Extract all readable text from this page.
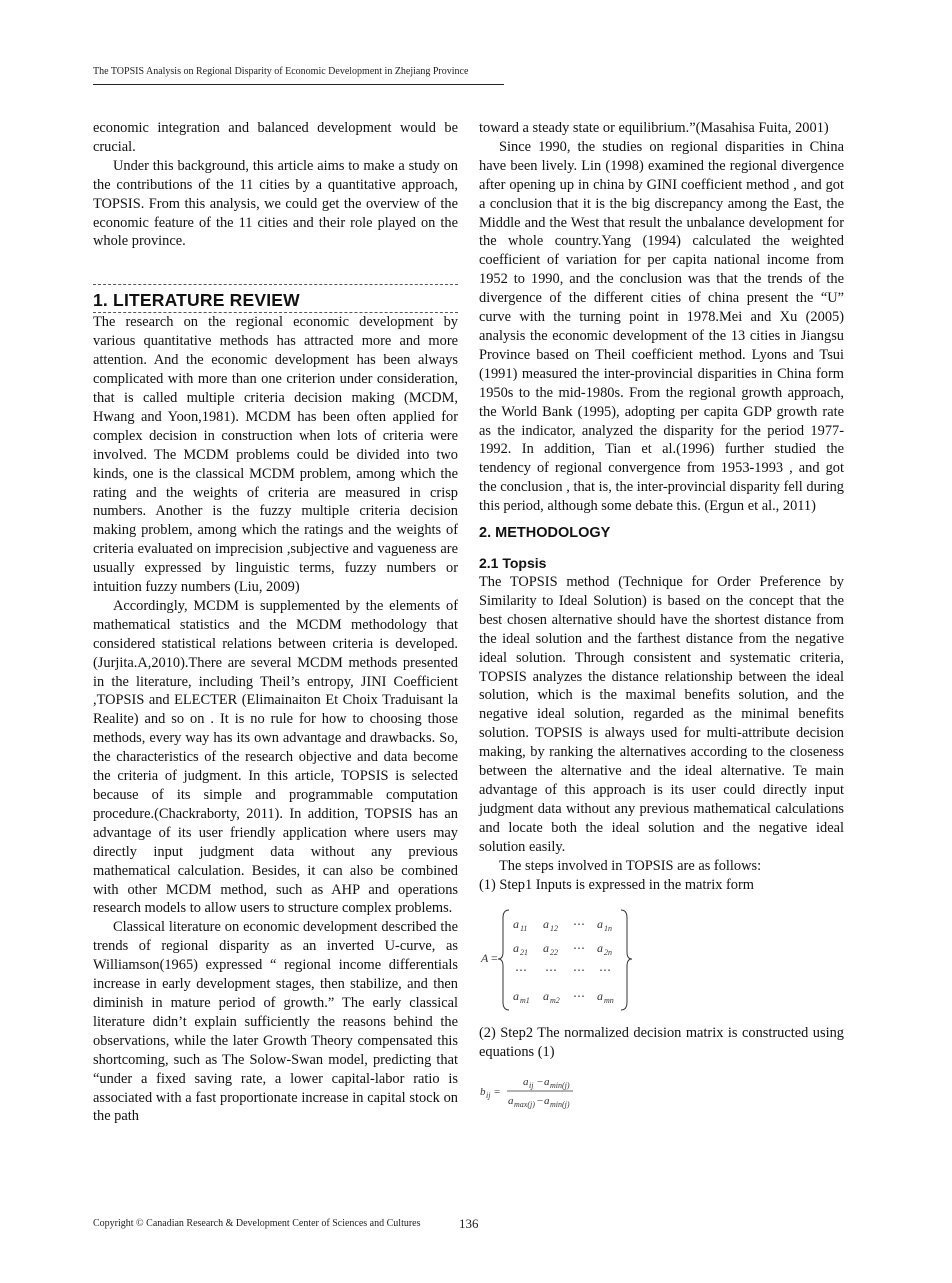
The TOPSIS Analysis on Regional Disparity of Economic Development in Zhejiang Province

economic integration and balanced development would be crucial.

Under this background, this article aims to make a study on the contributions of the 11 cities by a quantitative approach, TOPSIS. From this analysis, we could get the overview of the economic feature of the 11 cities and their role played on the whole province.

1. LITERATURE REVIEW

The research on the regional economic development by various quantitative methods has attracted more and more attention. And the economic development has been always complicated with more than one criterion under consideration, that is called multiple criteria decision making (MCDM, Hwang and Yoon,1981). MCDM has been often applied for complex decision in construction when lots of criteria were involved. The MCDM problems could be divided into two kinds, one is the classical MCDM problem, among which the rating and the weights of criteria are measured in crisp numbers. Another is the fuzzy multiple criteria decision making problem, among which the ratings and the weights of criteria evaluated on imprecision ,subjective and vagueness are usually expressed by linguistic terms, fuzzy numbers or intuition fuzzy numbers (Liu, 2009)

Accordingly, MCDM is supplemented by the elements of mathematical statistics and the MCDM methodology that considered statistical relations between criteria is developed.(Jurjita.A,2010).There are several MCDM methods presented in the literature, including Theil’s entropy, JINI Coefficient ,TOPSIS and ELECTER (Elimainaiton Et Choix Traduisant la Realite) and so on . It is no rule for how to choosing those methods, every way has its own advantage and drawbacks. So, the characteristics of the research objective and data become the criteria of judgment. In this article, TOPSIS is selected because of its simple and programmable computation procedure.(Chackraborty, 2011). In addition, TOPSIS has an advantage of its user friendly application where users may directly input judgment data without any previous mathematical calculation. Besides, it can also be combined with other MCDM method, such as AHP and operations research models to allow users to structure complex problems.

Classical literature on economic development described the trends of regional disparity as an inverted U-curve, as Williamson(1965) expressed “ regional income differentials increase in early development stages, then stabilize, and then diminish in mature period of growth.” The early classical literature didn’t explain sufficiently the reasons behind the observations, while the later Growth Theory compensated this shortcoming, such as The Solow-Swan model, predicting that “under a fixed saving rate, a lower capital-labor ratio is associated with a fast proportionate increase in capital stock on the path

toward a steady state or equilibrium.”(Masahisa Fuita, 2001)

Since 1990, the studies on regional disparities in China have been lively. Lin (1998) examined the regional divergence after opening up in china by GINI coefficient method , and got a conclusion that it is the big discrepancy among the East, the Middle and the West that result the unbalance development for the whole country.Yang (1994) calculated the weighted coefficient of variation for per capita national income from 1952 to 1990, and the conclusion was that the trends of the divergence of the different cities of china present the “U” curve with the turning point in 1978.Mei and Xu (2005) analysis the economic development of the 13 cities in Jiangsu Province based on Theil coefficient method. Lyons and Tsui (1991) measured the inter-provincial disparities in China form 1950s to the mid-1980s. From the regional growth approach, the World Bank (1995), adopting per capita GDP growth rate as the indicator, analyzed the disparity for the period 1977-1992. In addition, Tian et al.(1996) further studied the tendency of regional convergence from 1953-1993 , and got the conclusion , that is, the inter-provincial disparity fell during this period, although some debate this. (Ergun et al., 2011)

2. METHODOLOGY
2.1 Topsis

The TOPSIS method (Technique for Order Preference by Similarity to Ideal Solution) is based on the concept that the best chosen alternative should have the shortest distance from the ideal solution and the farthest distance from the negative ideal solution. Through consistent and systematic criteria, TOPSIS analyzes the distance relationship between the ideal solution, which is the maximal benefits solution, and the negative ideal solution, regarded as the minimal benefits solution. TOPSIS is always used for multi-attribute decision making, by ranking the alternatives according to the closeness between the alternative and the ideal alternative. Te main advantage of this approach is its user could directly input judgment data without any previous mathematical calculations and locate both the ideal solution and the negative ideal solution easily.

The steps involved in TOPSIS are as follows:

(1) Step1 Inputs is expressed in the matrix form

A =
a 11 a 12 ⋯ a 1n
a 21 a 22 ⋯ a 2n
⋯ ⋯ ⋯ ⋯
a m1 a m2 ⋯ a mn

(2) Step2 The normalized decision matrix is constructed using equations (1)

b ij =
a ij − a min(j)
a max(j) − a min(j)
Copyright © Canadian Research & Development Center of Sciences and Cultures	136
